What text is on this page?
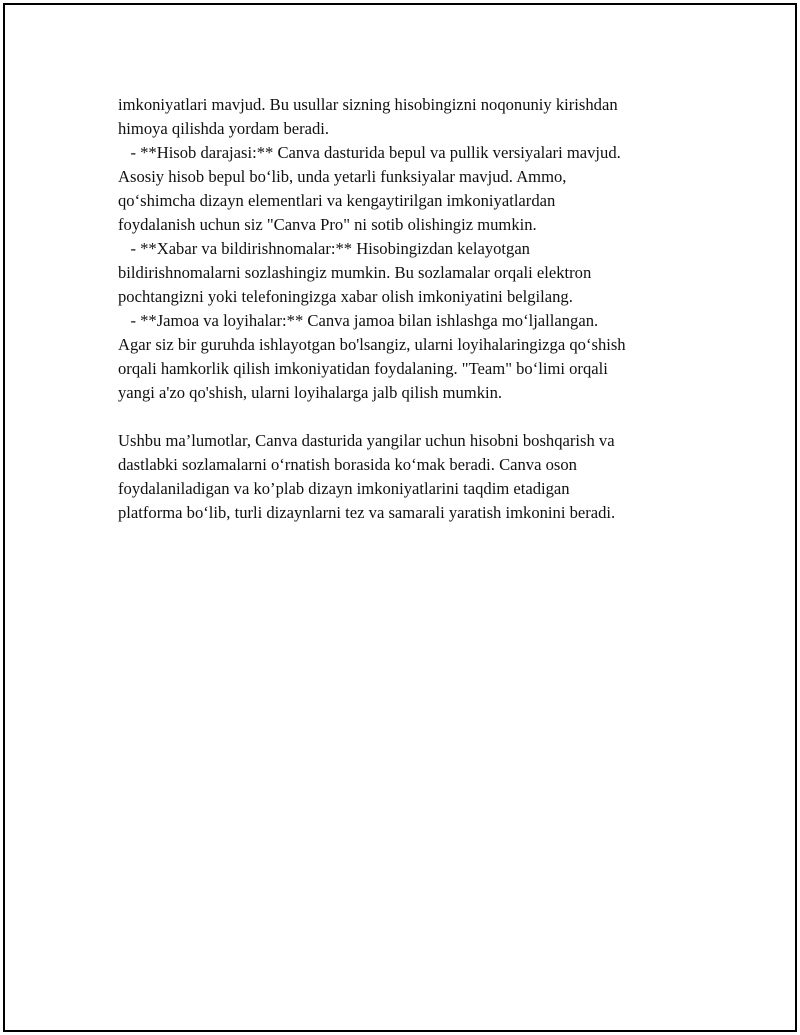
imkoniyatlari mavjud. Bu usullar sizning hisobingizni noqonuniy kirishdan
himoya qilishda yordam beradi.
- **Hisob darajasi:** Canva dasturida bepul va pullik versiyalari mavjud.
Asosiy hisob bepul bo‘lib, unda yetarli funksiyalar mavjud. Ammo,
qo‘shimcha dizayn elementlari va kengaytirilgan imkoniyatlardan
foydalanish uchun siz "Canva Pro" ni sotib olishingiz mumkin.
- **Xabar va bildirishnomalar:** Hisobingizdan kelayotgan
bildirishnomalarni sozlashingiz mumkin. Bu sozlamalar orqali elektron
pochtangizni yoki telefoningizga xabar olish imkoniyatini belgilang.
- **Jamoa va loyihalar:** Canva jamoa bilan ishlashga mo‘ljallangan.
Agar siz bir guruhda ishlayotgan bo'lsangiz, ularni loyihalaringizga qo‘shish
orqali hamkorlik qilish imkoniyatidan foydalaning. "Team" bo‘limi orqali
yangi a'zo qo'shish, ularni loyihalarga jalb qilish mumkin.
Ushbu ma’lumotlar, Canva dasturida yangilar uchun hisobni boshqarish va
dastlabki sozlamalarni o‘rnatish borasida ko‘mak beradi. Canva oson
foydalaniladigan va ko’plab dizayn imkoniyatlarini taqdim etadigan
platforma bo‘lib, turli dizaynlarni tez va samarali yaratish imkonini beradi.
